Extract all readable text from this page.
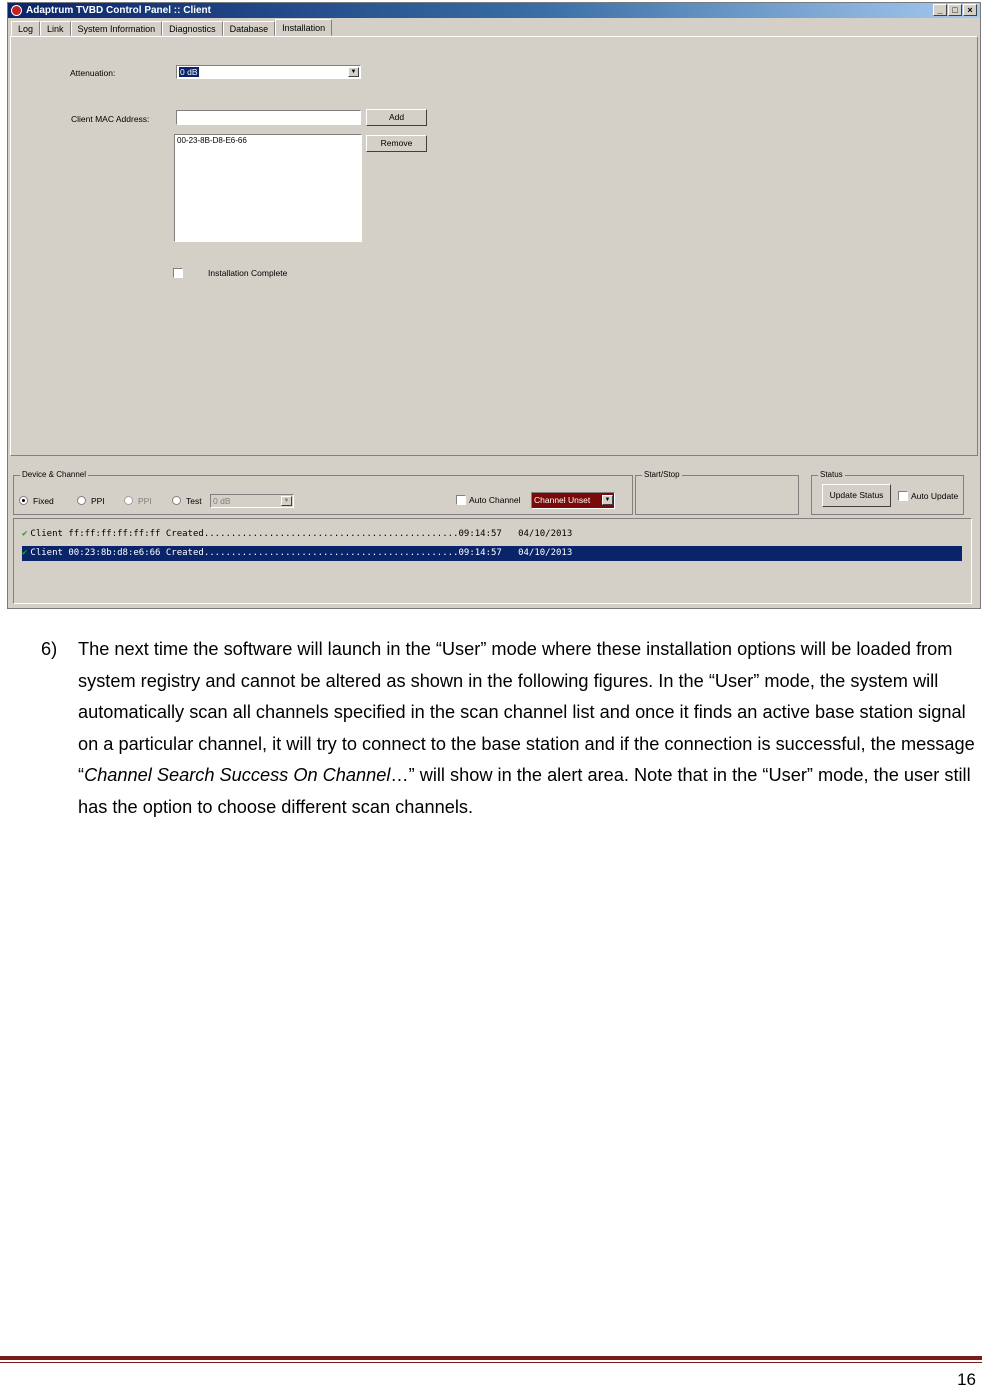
Adaptrum TVBD Control Panel :: Client	_	□	×
Log	Link	System Information	Diagnostics	Database	Installation
Attenuation:	0 dB	▼
Client MAC Address:	Add
Remove
00-23-8B-D8-E6-66
Installation Complete
Device & Channel
Fixed	PPI	PPI	Test 0 dB	▼	Auto Channel Channel Unset	▼
Start/Stop	Status
Update Status	Auto Update
✔ Client ff:ff:ff:ff:ff:ff Created...............................................09:14:57   04/10/2013
✔ Client 00:23:8b:d8:e6:66 Created...............................................09:14:57   04/10/2013
6) The next time the software will launch in the “User” mode where these installation options will be loaded from system registry and cannot be altered as shown in the following figures. In the “User” mode, the system will automatically scan all channels specified in the scan channel list and once it finds an active base station signal on a particular channel, it will try to connect to the base station and if the connection is successful, the message “Channel Search Success On Channel…” will show in the alert area. Note that in the “User” mode, the user still has the option to choose different scan channels.
16
